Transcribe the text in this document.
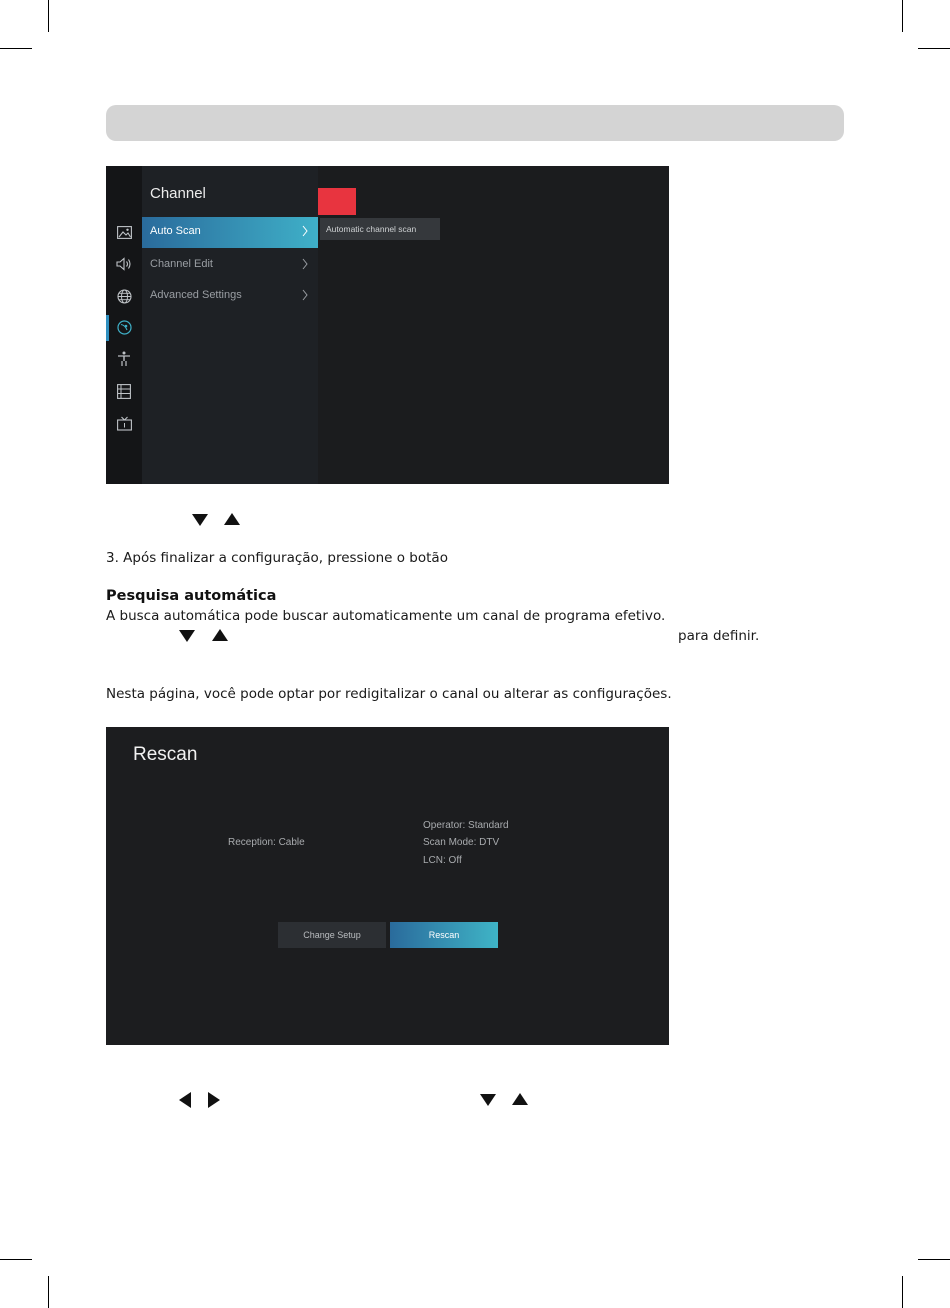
Channel
Auto Scan
Channel Edit
Advanced Settings
Automatic channel scan
3. Após finalizar a configuração, pressione o botão
Pesquisa automática
A busca automática pode buscar automaticamente um canal de programa efetivo.
para definir.
Nesta página, você pode optar por redigitalizar o canal ou alterar as configurações.
Rescan
Reception: Cable
Operator: Standard
Scan Mode: DTV
LCN: Off
Change Setup	Rescan
